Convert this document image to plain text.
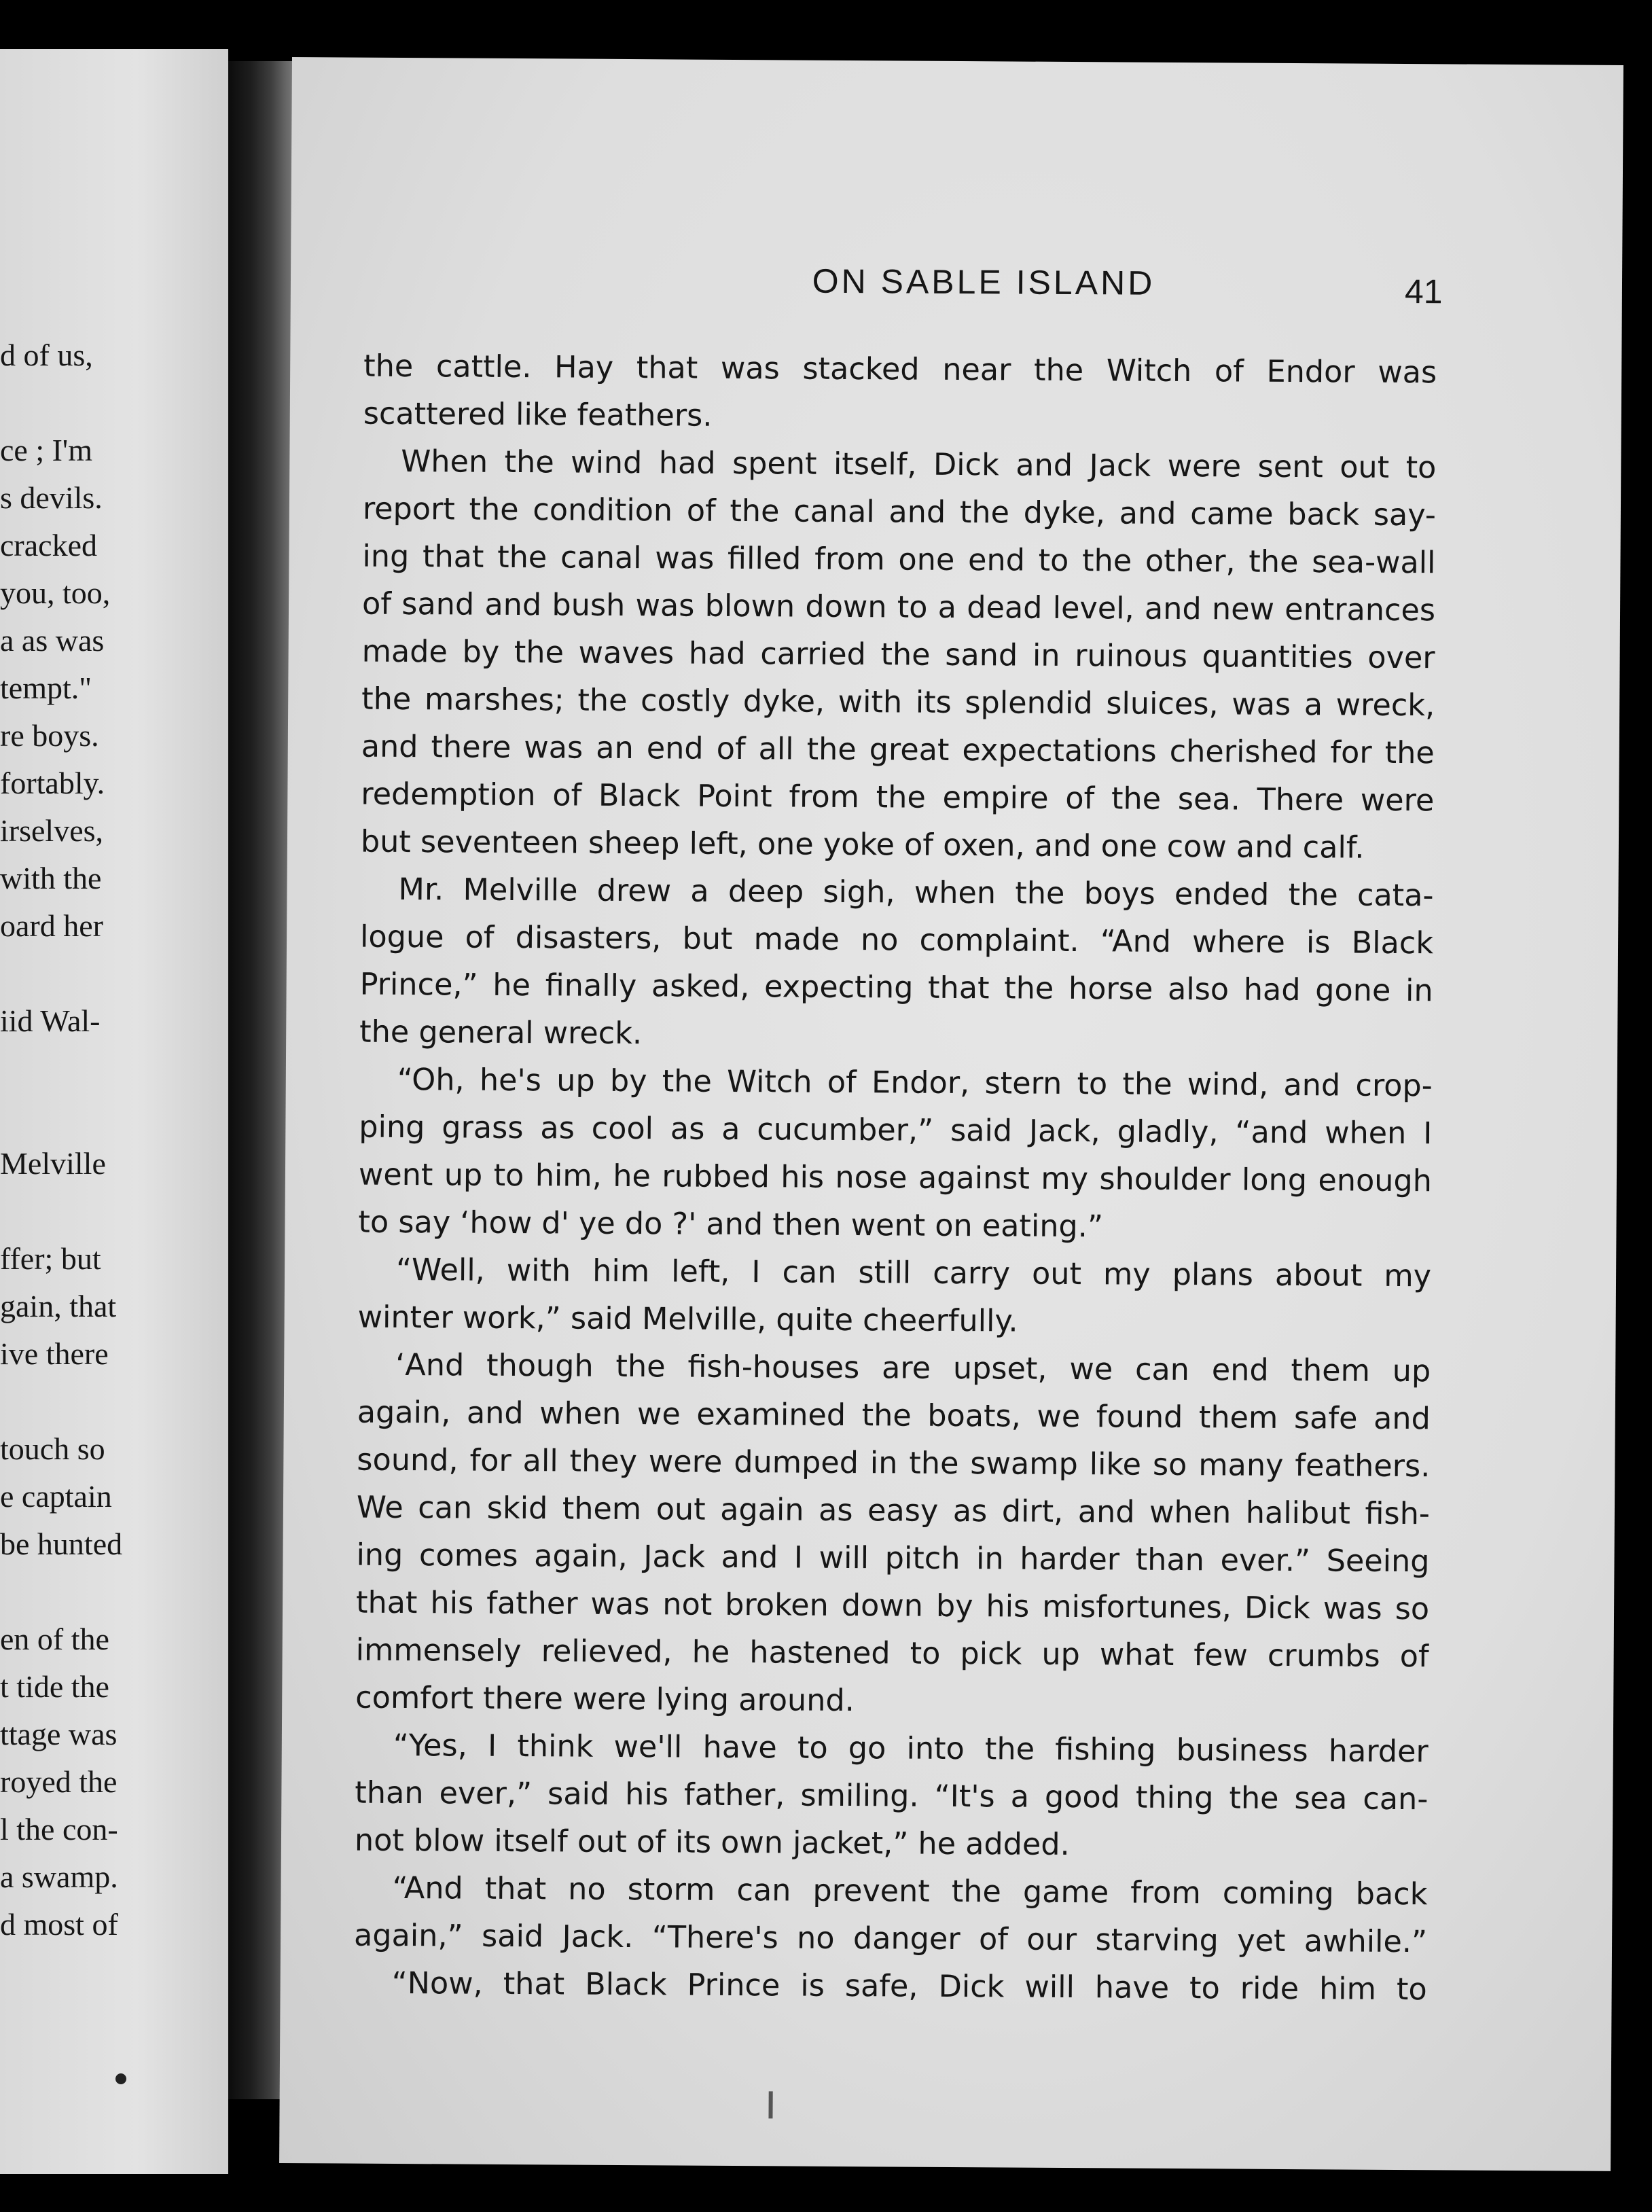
d of us,
ce ; I'm
s devils.
cracked
you, too,
a as was
tempt."
re boys.
fortably.
irselves,
with the
oard her
iid Wal-
Melville
ffer; but
gain, that
ive there
touch so
e captain
be hunted
en of the
t tide the
ttage was
royed the
l the con-
a swamp.
d most of
ON SABLE ISLAND	41
the cattle. Hay that was stacked near the Witch of Endor was
scattered like feathers.
When the wind had spent itself, Dick and Jack were sent out to
report the condition of the canal and the dyke, and came back say-
ing that the canal was filled from one end to the other, the sea-wall
of sand and bush was blown down to a dead level, and new entrances
made by the waves had carried the sand in ruinous quantities over
the marshes; the costly dyke, with its splendid sluices, was a wreck,
and there was an end of all the great expectations cherished for the
redemption of Black Point from the empire of the sea. There were
but seventeen sheep left, one yoke of oxen, and one cow and calf.
Mr. Melville drew a deep sigh, when the boys ended the cata-
logue of disasters, but made no complaint. “And where is Black
Prince,” he finally asked, expecting that the horse also had gone in
the general wreck.
“Oh, he's up by the Witch of Endor, stern to the wind, and crop-
ping grass as cool as a cucumber,” said Jack, gladly, “and when I
went up to him, he rubbed his nose against my shoulder long enough
to say ‘how d' ye do ?' and then went on eating.”
“Well, with him left, I can still carry out my plans about my
winter work,” said Melville, quite cheerfully.
‘And though the fish-houses are upset, we can end them up
again, and when we examined the boats, we found them safe and
sound, for all they were dumped in the swamp like so many feathers.
We can skid them out again as easy as dirt, and when halibut fish-
ing comes again, Jack and I will pitch in harder than ever.” Seeing
that his father was not broken down by his misfortunes, Dick was so
immensely relieved, he hastened to pick up what few crumbs of
comfort there were lying around.
“Yes, I think we'll have to go into the fishing business harder
than ever,” said his father, smiling. “It's a good thing the sea can-
not blow itself out of its own jacket,” he added.
“And that no storm can prevent the game from coming back
again,” said Jack. “There's no danger of our starving yet awhile.”
“Now, that Black Prince is safe, Dick will have to ride him to
